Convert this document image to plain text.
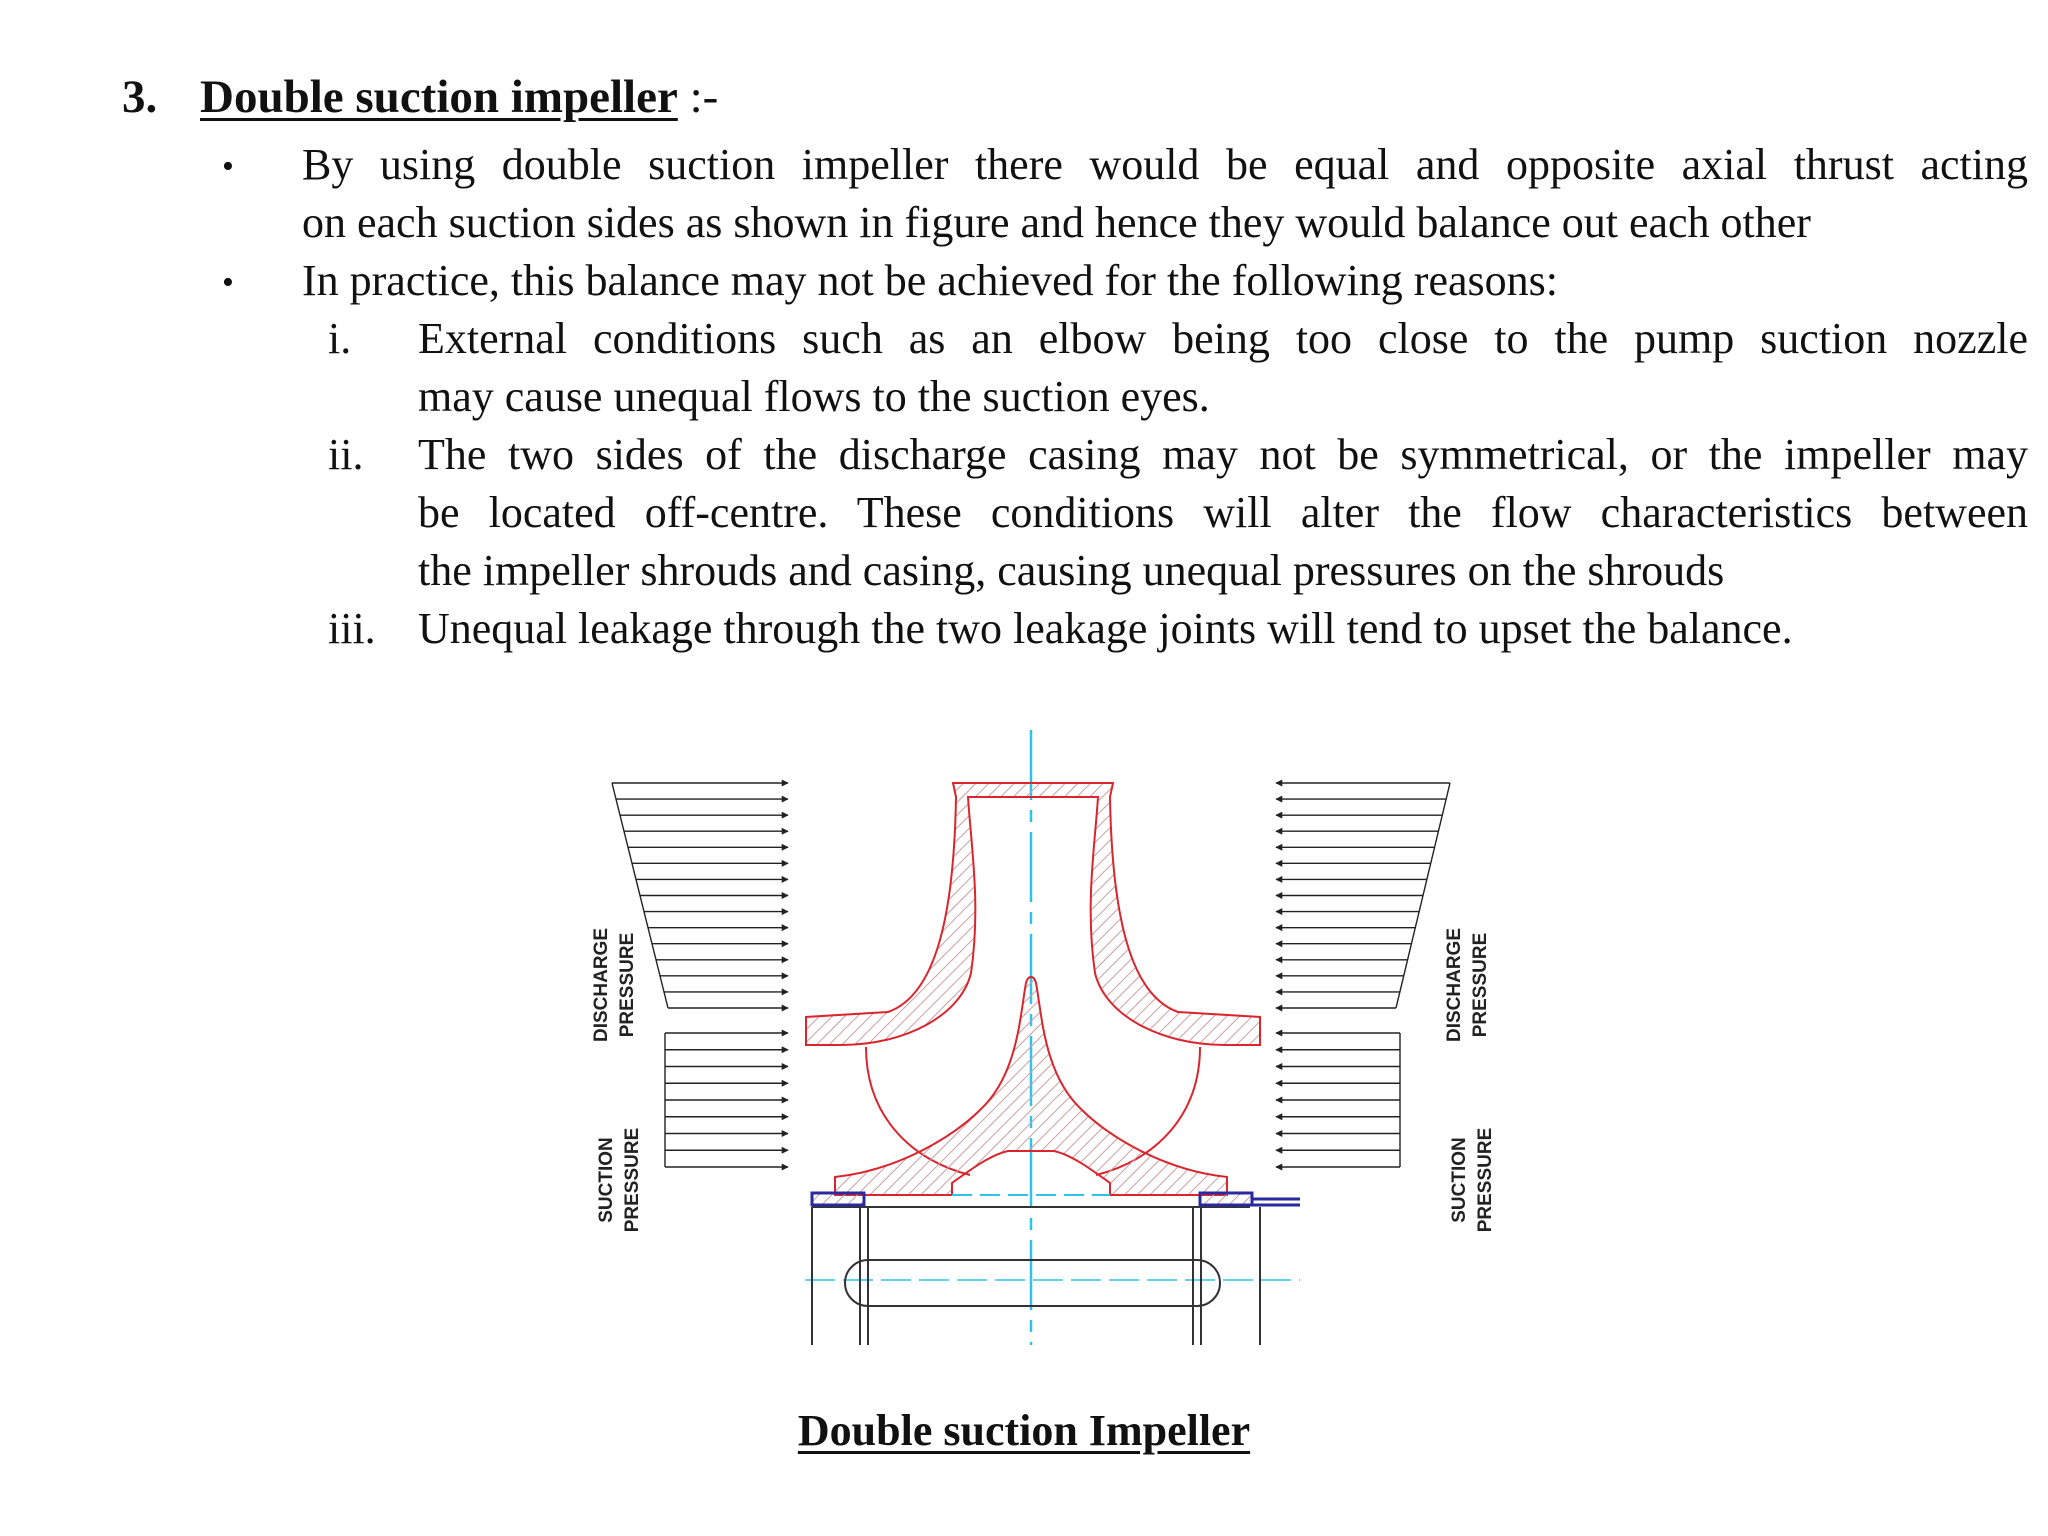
3. Double suction impeller :-
• By using double suction impeller there would be equal and opposite axial thrust acting
on each suction sides as shown in figure and hence they would balance out each other
• In practice, this balance may not be achieved for the following reasons:
i. External conditions such as an elbow being too close to the pump suction nozzle
may cause unequal flows to the suction eyes.
ii. The two sides of the discharge casing may not be symmetrical, or the impeller may
be located off-centre. These conditions will alter the flow characteristics between
the impeller shrouds and casing, causing unequal pressures on the shrouds
iii. Unequal leakage through the two leakage joints will tend to upset the balance.
DISCHARGE PRESSURE
SUCTION PRESSURE
DISCHARGE PRESSURE
SUCTION PRESSURE
Double suction Impeller
